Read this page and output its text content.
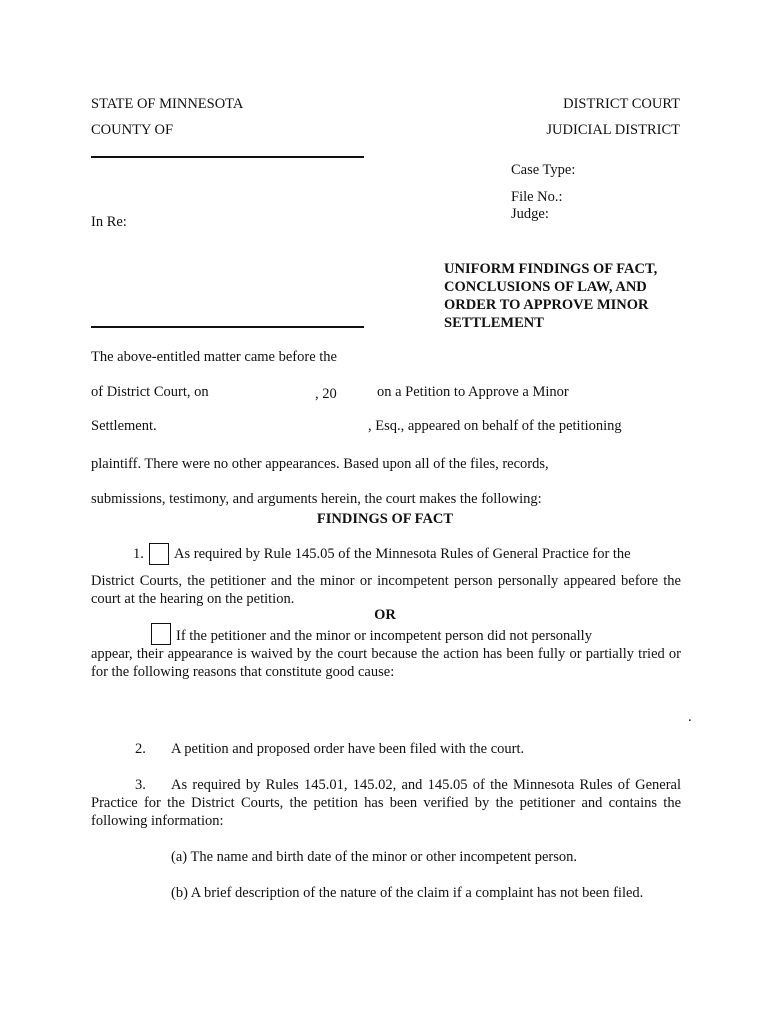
STATE OF MINNESOTA	DISTRICT COURT
COUNTY OF	JUDICIAL DISTRICT
Case Type:
File No.:
Judge:
In Re:
UNIFORM FINDINGS OF FACT,
CONCLUSIONS OF LAW, AND
ORDER TO APPROVE MINOR
SETTLEMENT
The above-entitled matter came before the
of District Court, on	, 20	on a Petition to Approve a Minor
Settlement.	, Esq., appeared on behalf of the petitioning
plaintiff. There were no other appearances. Based upon all of the files, records,
submissions, testimony, and arguments herein, the court makes the following:
FINDINGS OF FACT
1. As required by Rule 145.05 of the Minnesota Rules of General Practice for the
District Courts, the petitioner and the minor or incompetent person personally appeared before the court at the hearing on the petition.
OR
If the petitioner and the minor or incompetent person did not personally
appear, their appearance is waived by the court because the action has been fully or partially tried or for the following reasons that constitute good cause:
.
2. A petition and proposed order have been filed with the court.
3.	As required by Rules 145.01, 145.02, and 145.05 of the Minnesota Rules of General Practice for the District Courts, the petition has been verified by the petitioner and contains the following information:
(a) The name and birth date of the minor or other incompetent person.
(b) A brief description of the nature of the claim if a complaint has not been filed.
